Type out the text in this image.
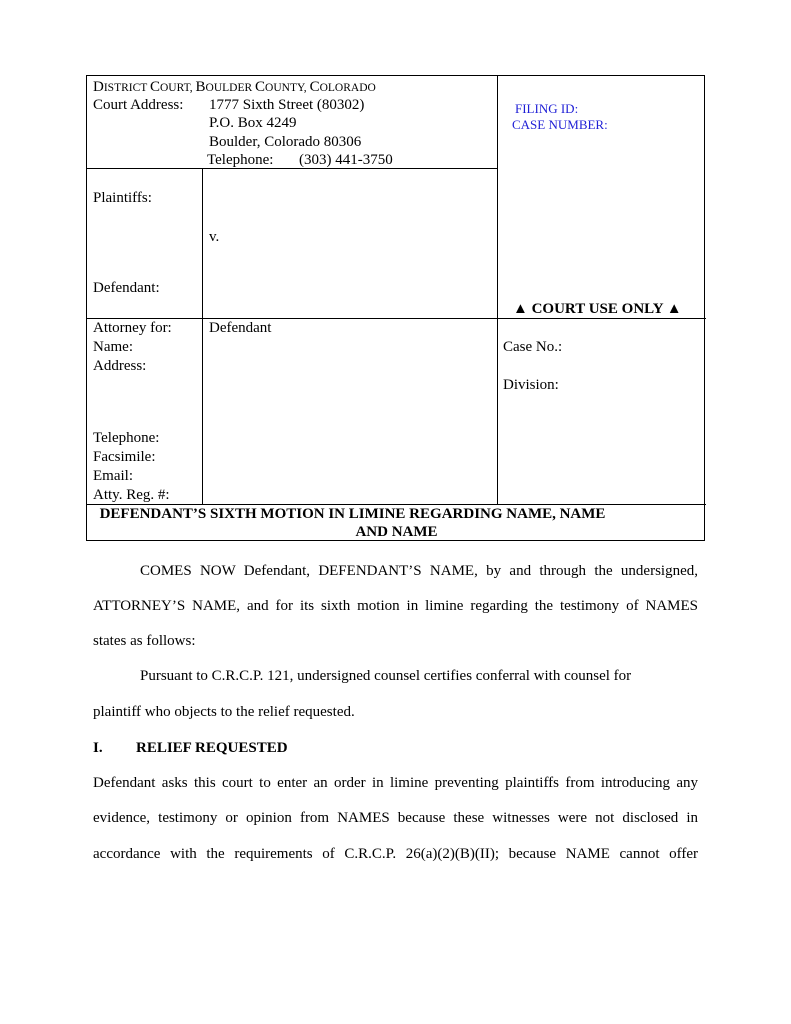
DISTRICT COURT, BOULDER COUNTY, COLORADO
Court Address: 1777 Sixth Street (80302)
P.O. Box 4249
Boulder, Colorado 80306
Telephone: (303) 441-3750
FILING ID:
CASE NUMBER:
Plaintiffs:
v.
Defendant:
▲ COURT USE ONLY ▲
Attorney for: Defendant
Name:
Address:
Telephone:
Facsimile:
Email:
Atty. Reg. #:
Case No.:
Division:
DEFENDANT’S SIXTH MOTION IN LIMINE REGARDING NAME, NAME
AND NAME
COMES NOW Defendant, DEFENDANT’S NAME, by and through the undersigned,
ATTORNEY’S NAME, and for its sixth motion in limine regarding the testimony of NAMES
states as follows:
Pursuant to C.R.C.P. 121, undersigned counsel certifies conferral with counsel for
plaintiff who objects to the relief requested.
I.	RELIEF REQUESTED
Defendant asks this court to enter an order in limine preventing plaintiffs from introducing any
evidence, testimony or opinion from NAMES because these witnesses were not disclosed in
accordance with the requirements of C.R.C.P. 26(a)(2)(B)(II); because NAME cannot offer
